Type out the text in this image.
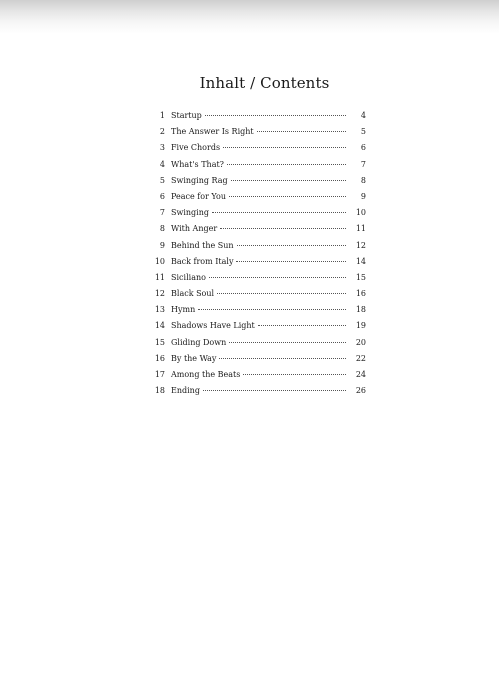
Inhalt / Contents
1 Startup	4
2 The Answer Is Right	5
3 Five Chords	6
4 What's That?	7
5 Swinging Rag	8
6 Peace for You	9
7 Swinging	10
8 With Anger	11
9 Behind the Sun	12
10 Back from Italy	14
11 Siciliano	15
12 Black Soul	16
13 Hymn	18
14 Shadows Have Light	19
15 Gliding Down	20
16 By the Way	22
17 Among the Beats	24
18 Ending	26
